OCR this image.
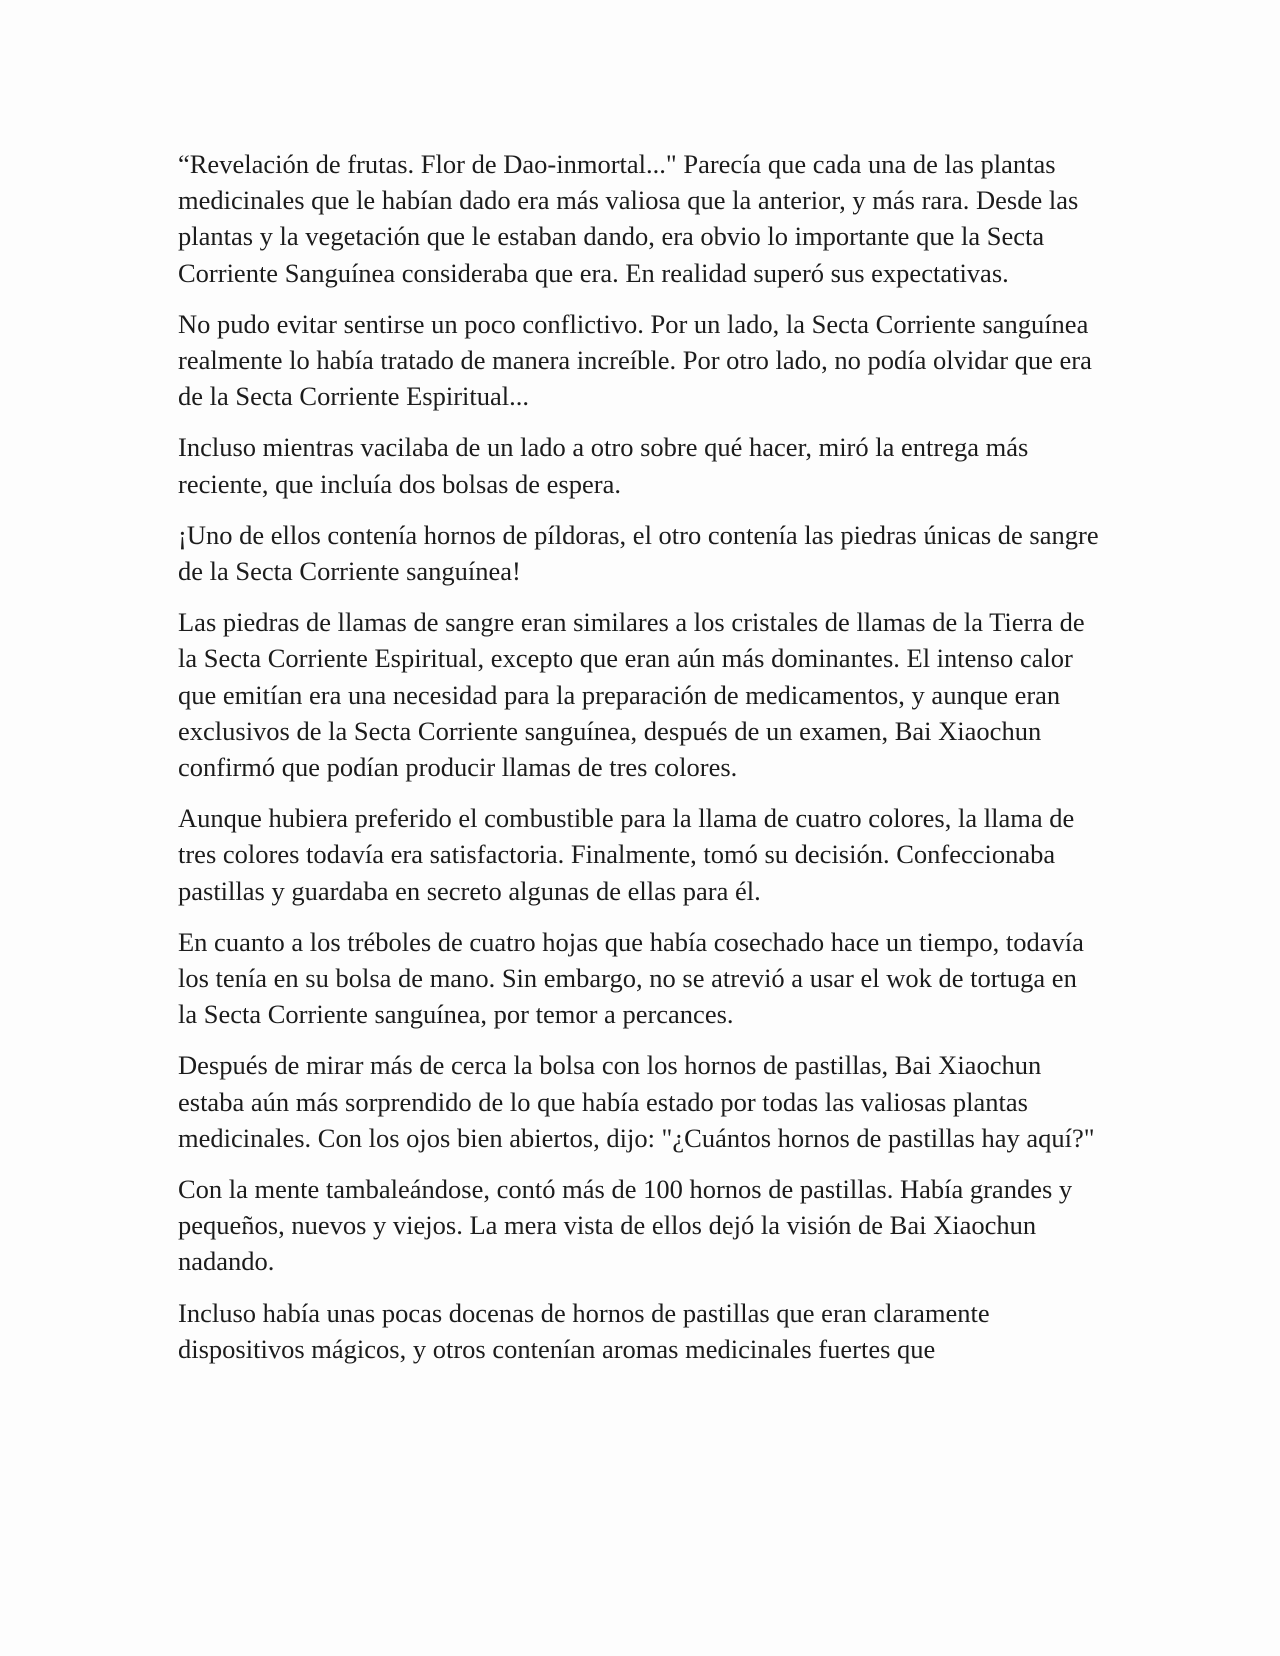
“Revelación de frutas. Flor de Dao-inmortal..." Parecía que cada una de las plantas medicinales que le habían dado era más valiosa que la anterior, y más rara. Desde las plantas y la vegetación que le estaban dando, era obvio lo importante que la Secta Corriente Sanguínea consideraba que era. En realidad superó sus expectativas.

No pudo evitar sentirse un poco conflictivo. Por un lado, la Secta Corriente sanguínea realmente lo había tratado de manera increíble. Por otro lado, no podía olvidar que era de la Secta Corriente Espiritual...

Incluso mientras vacilaba de un lado a otro sobre qué hacer, miró la entrega más reciente, que incluía dos bolsas de espera.

¡Uno de ellos contenía hornos de píldoras, el otro contenía las piedras únicas de sangre de la Secta Corriente sanguínea!

Las piedras de llamas de sangre eran similares a los cristales de llamas de la Tierra de la Secta Corriente Espiritual, excepto que eran aún más dominantes. El intenso calor que emitían era una necesidad para la preparación de medicamentos, y aunque eran exclusivos de la Secta Corriente sanguínea, después de un examen, Bai Xiaochun confirmó que podían producir llamas de tres colores.

Aunque hubiera preferido el combustible para la llama de cuatro colores, la llama de tres colores todavía era satisfactoria. Finalmente, tomó su decisión. Confeccionaba pastillas y guardaba en secreto algunas de ellas para él.

En cuanto a los tréboles de cuatro hojas que había cosechado hace un tiempo, todavía los tenía en su bolsa de mano. Sin embargo, no se atrevió a usar el wok de tortuga en la Secta Corriente sanguínea, por temor a percances.

Después de mirar más de cerca la bolsa con los hornos de pastillas, Bai Xiaochun estaba aún más sorprendido de lo que había estado por todas las valiosas plantas medicinales. Con los ojos bien abiertos, dijo: "¿Cuántos hornos de pastillas hay aquí?"

Con la mente tambaleándose, contó más de 100 hornos de pastillas. Había grandes y pequeños, nuevos y viejos. La mera vista de ellos dejó la visión de Bai Xiaochun nadando.

Incluso había unas pocas docenas de hornos de pastillas que eran claramente dispositivos mágicos, y otros contenían aromas medicinales fuertes que
